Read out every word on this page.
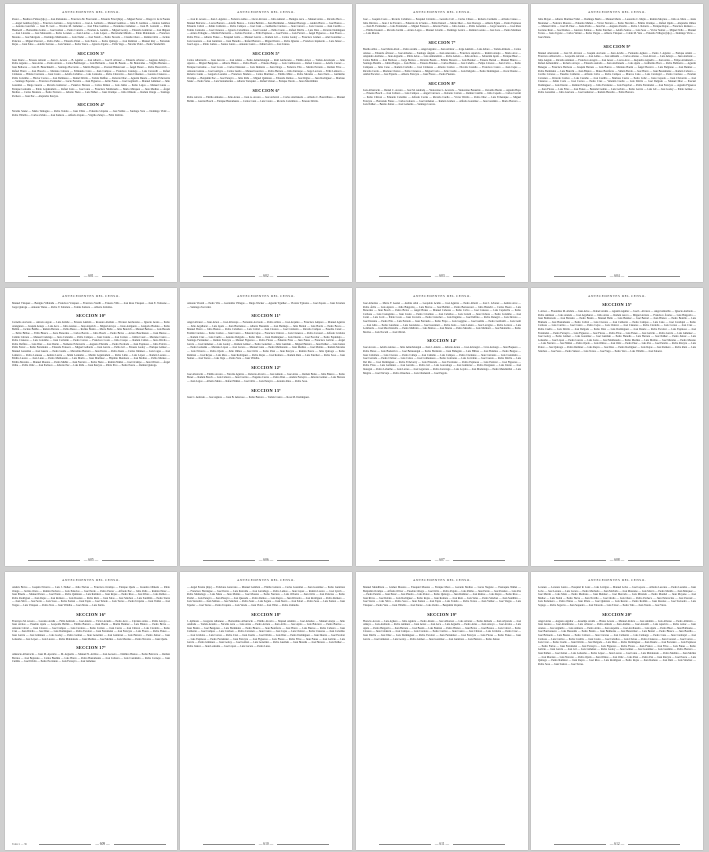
ANTECEDENTES DEL CENSO.
Pastor — Basilisco Fidias (hijo) — José Pamandes — Francisco M. Fiorovanti — Eduardo Fried (hijo) — Miguel Ferrer — Diego O. de la Fuente — Angel Gamboa (hijo) — Francisco Galiana — Jorge Gálvez — José A. Gallardo — Manuel Gamboa — Julio E. Gamboa — Isidoro Gamboa — Antonio Garófalo — Juan B. Gari — Nicolás M. Giménez — José Elías Gamboa — Estanislao Giménez — Juan H. Gottardi — Pablo Haskwell — Bernardino Galán — José Gómez — Pedro Carretto — Esteban A. Gentile — Miguel Godoy — Eduardo Gutiérrez — José Iñiguez — José Llorente — José Matossián — Pedro Lorenzo — Juan Lucino — Luis López — Bartolomé Mirada — Pablo Maldonado — Francisco Moreno — José Morgado — Domingo Maldonado — Luis Nader — José Natali — Pedro Noceda — Claudio Otero — Ramón Ortiz — Jacinto Palacios — Miguel Pascual — Pedro Peña — Eduardo Pérez — Luis Ponce — Pedro Quiroga — José Ramírez — Manuel Rey — Fernando Rojas — Juan Salas — Adolfo Serrano — Luis Suárez — Pedro Tanco — Ignacio Ugarte — Félix Vega — Nicolás Vidal — Pedro Vanderbilt.
SECCION 3ª
Juan Iriarte — Ernesto Abranti — Juan C. Acosta — B. Aguilar — José Alberti — José P. Alvarez — Eduardo Alvarez — Augusto Amaya — Pedro Argento — Juan Arias — Pedro Arrieta — Carlos Bamberger — Luis Balbarde — Juan M. Basalo — M. Benavides — Virgilio Bioleau — Juan Bellacao — Luis B. Bianchinelli — Santiago Boccardo — Martín Bergalo — Pascual Bittencourt — Ángel Bonet — Pedro Boscovich — Rafael Bravo — José Brescia — Mariano Cabrera — Edmundo Cairo — Juan Campos — Francisco Canalejo — Luis Caravelli — Rafael Cárdenas — Hilario Carranza — Juan Castro — Adolfo Ceballos — Luis Cernadas — Pedro Chavarría — Juan Cifuentes — Lorenzo Cisneros — Pablo Colombo — Héctor Correa — José Dalmasso — Daniel Dávila — Tomás Delfino — Roberto Díaz — Agustín Duarte — Pedro Echeverría — Santiago Espósito — Francisco Fernández — Lucio Ferreira — Juan Figueroa — Atilio Funes — José Gagliardi — Manuel Giménez — Julio González — Diego Guerra — Ricardo Gutiérrez — Federico Herrera — Carlos Ibáñez — Luis Jaime — Pedro Lagos — Manuel Lanza — Enrique Ledesma — Pablo Leguizamón — Rafael Lista — José Luna — Francisco Maldonado — Mario Márquez — Juan Medina — Ángel Molina — Carlos Montero — Pedro Navarro — Alberto Nieto — Luis Núñez — Juan Ocampo — Julio Olmedo — Ramón Ortega — Santiago Pacheco — Juan Paz — Alejandro Pereyra.
SECCION 4ª
Nicolás Sáenz — Mario Tamagno — Pedro Toledo — Juan Ullúa — Eduardo Urquiza — José Valdés — Santiago Vera — Domingo Vidal — Pedro Villalba — Carlos Zabala — José Zamora — Alfredo Zapata — Virgilio Zelaya — Félix Zubiría.
— 601 —
ANTECEDENTES DEL CENSO.
— José R. Acosta — Juan J. Aguirre — Federico Aldao — Oscar Alvarez — Julio Amaral — Benigno Arce — Manuel Arias — Ricardo Baca — Manuel Balcarce — Lucas Barrera — Adolfo Barros — Carlos Beltrán — Juan Bermúdez — Manuel Borrego — Andrés Bravo — José Bustos — Eduardo Cabral — Julián Calderón — Pedro Campos — José Cané — Guillermo Cardoso — Juan Carrera — Luis Casares — Juan Castillo — Tomás Cernadas — José Cisneros — Ignacio Colombres — José Coronel — Pablo Cueto — Rafael Dávila — Luis Díaz — Ricardo Domínguez — Arturo Echagüe — Martín Echeverría — Jacinto Escobar — Félix Espinosa — José Farías — Luis Ferrari — Ángel Figueroa — José Flores — Pedro Frías — Alberto Funes — Ezequiel Gallo — Manuel García — Ramón Gil — Carlos Godoy — Francisco Gómez — Abel González — Luis Guerrero — José Gutiérrez — Juan Heredia — Rafael Herrera — Miguel Ibarra — Pedro Iglesias — Francisco Izquierdo — Luis Juárez — José Lagos — Pablo Lamas — Santos Lanza — Antonio Lastra — Julián Leiva — José Llanos.
SECCION 5ª
Carlos Albarracín — Juan Alcorta — José Alsina — Pedro Amuchástegui — Raúl Anchorena — Emilio Aráoz — Tomás Arredondo — Julio Ayerza — Miguel Bengolea — Alberto Blanco — Pedro Bosch — Ernesto Bunge — Luis Cambaceres — Rafael Casares — Adolfo Castex — Enrique Cernadas — José Costa — Carlos Daireaux — Luis Demaría — Juan Drago — Federico Elía — Martín Estrada — Ramón Frías — Antonio Gainza — José Garrigós — Carlos Guido — Manuel Guerrico — Pedro Herrera — Julio Iturraspe — Jorge Lacroze — Félix Lamarca — Roberto Lanús — Gregorio Lezama — Francisco Madero — Carlos Martínez — Emilio Mitre — Pedro Morales — Juan Naón — Guillermo Ocampo — Benjamín Paz — José Pereyra — Julio Peña — Miguel Quintana — Eduardo Ramos — José Riglos — Juan Rodríguez — Mariano Sáenz — Pedro Salas — Luis Santamarina — Alberto Tornquist — Rafael Unzué — Enrique Varela — Juan Zuberbühler.
SECCION 6ª
Pedro Alcorta — Emilio Amadeo — Julio Arana — Juan A. Acosta — José Achaval — Carlos Avellaneda — Alfredo C. Basavilbaso — Manuel Bellán — Gastón Bosch — Enrique Bustamante — Carlos Cané — Luis Castro — Ricardo Colombres — Ernesto Dávila.
— 602 —
ANTECEDENTES DEL CENSO.
José — Joaquín Costa — Ricardo Caballero — Ezequiel Córdoba — Gerardo Coll — Carlos Chiesa — Roberto Cermeño — Alfredo Cuneo — Julio Dávalos — Juan J. de Ezcurra — Eduardo de la Serna — Pablo Denevi — Mario Diez — José Dorrego — Alberto Eguía — Pedro Espinosa — Juan B. Fernández — Luis Fernández — Miguel Fonseca — Alberto Freire — Julio Gadea — Pablo González — Jorge Guerrico — José Imaz — Emilio Insausti — Ricardo Jordán — Arturo Lagos — Manuel Lavalle — Domingo Lezica — Ramón Lozano — José Luro — Pedro Martínez — Luis Morón.
SECCION 7ª
Basilio Abba — José María Abad — Pedro Acuña — Angel Aguirre — Juan Alcázar — Jorge Alemán — Luis Alfaro — Tomás Almada — Carlos Alonso — Eduardo Álvarez — José Amadeo — Santiago Ángulo — Juan Anzorena — Francisco Aparicio — Ramón Araujo — Mario Arce — Alejandro Arellano — Juan Arguello — Pablo Arias — Luis Armendáriz — Pedro Arrieta — Julio Avalos — Sebastián Ayala — Enrique Báez — Carlos Balbín — José Barbosa — Jorge Barrios — Ricardo Bazán — Emilio Becerra — Luis Benítez — Ernesto Bernal — Manuel Blanco — Santiago Bonilla — Julián Borges — Luis Bravo — Ernesto Briones — Carlos Bustos — José Cabello — Felipe Cáceres — Juan Calvo — Pedro Campana — Julio Cano — Ramón Carballo — José Cárdenas — Alberto Carrizo — Nicolás Castaño — Francisco Castro — Juan Cejas — Ricardo Cerda — Mariano Chaves — Pablo Cisneros — Miguel Coria — Julio Cuello — Luis Delgado — Pedro Domínguez — Oscar Duarte — Aníbal Escobar — José Fajardo — Alberto Ferreyra — Juan Flores — Pedro Fuentes.
SECCION 8ª
Luis Albarracín — Daniel C. Acosta — José M. Andrada — Wenceslao L. Acevedo — Wenceslao Basualdo — Oswaldo Bazán — Agustín Bayo — Ernesto Bosch — José Cabrera — Luis Campos — Ángel Carrasco — Roberto Carrizo — Ramón Castillo — Julio Cepeda — Carlos Cerruti — Pedro Chávez — Eduardo Colombo — Alfredo Cortés — Ricardo Cuello — Víctor Dávila — Pedro Díaz — Luis Echenique — Miguel Ferreyra — Hernando Funes — Carlos Galarza — José Giménez — Ramón Gómez — Alfredo González — Juan Guzmán — Mario Herrera — Luis Ibáñez — Benito Juárez — José Ledesma — Santiago Lucero.
— 603 —
ANTECEDENTES DEL CENSO.
Julio Mayer — Alberto Martínez Vidal — Domingo Merlo — Manuel Merlo — Leonardo C. Mejía — Ramón Moyano — Julio A. Mora — Jesús Montaner — Federico Moreno — Eduardo Muñoz — Víctor Navarro — Pedro Nicolini — Emilio Ocampo — Rafael Ojeda — Alejandro Olmos — Manuel Ortiz — José M. Páez — Jesús Pardo — Juan Paz — Augusto Peralta — Pedro J. Roberts — Enrique Rojas — Francisco Romero — Luciano Ruiz — José Ramos — Gustavo Salinas — Pedro Sánchez — Adolfo Santos — Luis Sosa — Víctor Suárez — Miguel Tello — Manuel Torres — Justo Ugarte — Carlos Valdez — Pedro Vargas — Alberto Vázquez — Cabín M. Vera — Eduardo Villagra (hijo) — Domingo Vivas — José Zárate.
SECCION 9ª
Manuel Aberastain — José M. Álvarez — Joaquín Acevedo — Juan Acuña — Fernando Agüero — Pedro J. Aguirre — Enrique Alaniz — Francisco Albarracín — Leopoldo Alcaraz — José Aldao — José Almeida — Carlos Alonso — José Alvear — Luis Amaya — Juan Andrade — Julio Angulo — Ricardo Antúnez — Francisco Aragón — José Araoz — Lucas Arce — Alejandro Arguello — Juan Arias — Felipe Arismendi — Rafael Armendáriz — Roberto Arroyo — Eduardo Astrada — Juan Avellaneda — Luis Ayala — Guillermo Baca — Pedro Balbastro — Agustín Banegas — Francisco Barboza — Joaquín Barreto — Luis Barros — Mariano Bazán — Ángel Becerra — Luis Belgrano — José Benítez — Pedro Bermúdez — Luis Bianchi — Juan Blanco — Mateo Bonifacio — Simón Borda — José Bravo — Juan Bustamante — Ramón Cabrera — Cecilio Cáceres — Eusebio Calderón — Alfredo Calvo — Pedro Campos — Marcos Cano — Luis Carabajal — Pedro Cardozo — Esteban Carranza — Ricardo Carrizo — Luis Castaño — José Castillo — Mariano Castro — Pedro Celiz — Justo Cepeda — Juan Chavarría — José Cisneros — Julián Coria — José Correa — Pedro Cruz — Valentín Cuello — Luis Dávila — José Delgado — Manuel Díaz — Pascual Domínguez — Luis Duarte — Ramón Echegaray — Julio Escalante — Luis Esquivel — Pablo Fernández — José Ferreyra — Agustín Figueroa — Juan Flores — Luis Frías — José Funes — Bernabé Gaitán — Luis Galván — Pedro García — Luis Gil — José Godoy — Pablo Gómez — Pedro González — Julio Guevara — José Gutiérrez — Ramón Heredia — Pablo Herrera.
— 604 —
ANTECEDENTES DEL CENSO.
Manuel Vázquez — Benigno Villafañe — Francisco Vázquez — Francisco Vasilli — Ernesto Villa — José Rosa Vásquez — Juan E. Vattuone — Jorge Quiroga — Antonio Weiss — Pedro V. Zabaleta — Tomás Zamora — Alberto Zeballos.
SECCION 10ª
Cornelio Acevedo — Aniceto Agote — Luis Aldabe — Ernesto Alemán — Rosauro Alemán — Nicanor Anchorena — Ignacio Arana — Pedro Aranguren — Joaquín Araujo — Luis Arce — Julio Arenas — Juan Argerich — Miguel Arroyo — Justo Astigueta — Gregorio Badano — Pedro Balbín — Jacinto Baliña — Ramón Barrera — Pablo Basso — Rufino Bazán — Mario Bello — Julio Bencich — Manuel Berisso — Luis Besada — Pablo Bilbao — Félix Blanco — Justo Bonorino — Carlos Borrás — Julio Bosch — Pedro Bravo — Arturo Buschiazzo — Juan Bustos — Camilo Cabrera — Manuel Cadelago — Justo Calandra — Pablo Campos — Juan Canale — José Carrizo — Julián Casal — Mariano Castro — Pedro Cisneros — Luis Colombo — Juan Corbalán — Pedro Correa — Francisco Costa — Julio Crespo — Ramón Cullen — Justo Dávila — Pedro Delfino — Luis Díaz — José Durán — Nemesio Echeverría — Augusto Elizalde — Pedro Escalada — Juan Espinosa — Julio Falcón — Pablo Ferrer — Pedro Fernández — Eduardo Fonseca — Miguel Gallardo — Juan García — Pablo Gil — Ernesto Godoy — Enrique Gómez — Manuel González — José Guerra — Pedro Guido — Marcelino Herrera — Juan Ibarra — Pedro Insúa — Carlos Jiménez — Luis Lagos — José Lamarca — Pedro Lanusse — Andrés Lastra — Julián Ledesma — Martín Leguizamón — Pedro Lima — Luis López — Ramón Lozano — Emilio Lucero — Juan Luna — Pedro Maldonado — Luis Marín — Juan Martínez — Hipólito Mendoza — José Molina — Pablo Montes — Emilio Morales — Manuel Moreno — Pedro Muñiz — Juan Navarro — Pedro Nieto — Ramón Núñez — José Ocampo — Juan Olivera — Ángel Oribe — Pablo Ortiz — José Pacheco — Alberto Paz — Luis Peña — Juan Pereyra — Pablo Pico — Pedro Ponce — Ramón Quiroga.
— 605 —
ANTECEDENTES DEL CENSO.
Antonio Vicenti — Pedro Vila — Gerónimo Villegas — Diego Wacker — Agustín Yguiñez — Vicente Yglesias — José Zapata — Juan Zavaleta — Santiago Zaccarini.
SECCION 11ª
Ángel Alvarez — Juan Aráoz — José Albarapa — Fernando Acevedo — Pedro Alfaro — José Arquino — Francisco Amparo — Manuel Aguirre — Julio Argañaraz — Luis Ayala — Juan Barrientos — Alberto Basualdo — José Bermejo — Julio Bernal — Luis Borda — Pedro Bosco — Manuel Bravo — Julio Bustos — Pedro Caballero — Luis Cabral — Juan Cáceres — José Calderón — Ricardo Campos — Eusebio Canal — Fermín Cardozo — Pedro Carrizo — Juan Castro — Eduardo Cejas — Francisco Chávez — Luis Cisneros — Pedro Coronel — Alfredo Córdoba — Ramón Cruz — Luis Cuello — Antonio Delgado — Pedro Díaz — Juan Domínguez — Luis Duarte — José Escobar — Pedro Espíndola — Santiago Fernández — Ramón Ferreyra — Manuel Figueroa — Pedro Flores — Eduardo Frías — Juan Funes — Francisco Galván — Ángel García — José Giménez — Luis Godoy — Ramón Gómez — Pedro González — Julio Guzmán — Miguel Herrera — Juan Ibáñez — Luis Juárez — Pedro Ledesma — Mariano López — José Lucero — Manuel Luna — Pedro Maldonado — Juan Medina — José Molina — Ramón Morales — Luis Navarro — Pedro Ojeda — Julio Olmos — José Ortiz — Pedro Páez — Juan Pereyra — Ramón Ponce — Julio Quiroga — Pedro Ramírez — José Reyes — Luis Ríos — Juan Rodríguez — Pedro Rojas — José Romero — Ramón Ruiz — Luis Sánchez — Pedro Sosa — Juan Suárez — José Torres — Luis Vega — Pedro Vera — Juan Villalba.
SECCION 12ª
José Abarracín — Emilio Acosta — Nicolás Aguirre — Roberto Alcorta — José Amado — José Arias — Ramón Balsa — Julio Bianco — Pedro Bonet — Ramón Bosch — Luis Cabrera — Juan Carrizo — Eugenio Castro — Pedro Díaz — Andrés Ferreyra — Alberto Gómez — Luis Herrera — Juan Lagos — Alberto Mena — Rafael Núñez — José Ortiz — Luis Pereyra — Antonio Ríos — Pedro Sosa.
SECCION 13ª
Juan C. Andrade — José Agüero — Juan B. Amoroso — Pedro Barrera — Tomás Castro — Rosa M. Domínguez.
— 606 —
ANTECEDENTES DEL CENSO.
José Amorino — Mario F. Asensi — Andrés Abal — Leopoldo Acuña — José Aguirre — Pedro Alberti — José J. Álvarez — Andrés Arce — Pedro Ávila — Luis Ayerza — Julio Baigorria — Luis Barcos — José Bellini — Pedro Bernasconi — Julio Bianchi — Carlos Boero — Luis Bonorino — Juan Bosch — Pedro Bravo — Ángel Bruno — Manuel Cabezas — Pedro Calvo — José Canessa — Luis Capdevila — Pedro Carbone — Luis Castagnino — Juan Castro — Pedro Cavallero — José Ceballos — Luis Cerutti — Juan Cichero — Pedro Colombo — José Conti — Luis Corti — Pablo Costa — Juan Crovetto — Pedro Curuchet — Luis Dagnino — José Delfino — Pedro Denegri — Luis Devoto — José Durante — Pedro Elía — Luis Estrada — Juan Ferrando — Pedro Firpo — Luis Gaggino — José Gamba — Pedro Garibaldi — Luis Gatti — José Ghio — Pedro Giordano — Luis Grondona — José Guarnieri — Pedro Isola — Luis Lanata — José Lavagna — Pedro Lertora — Luis Lombardo — José Macchiavello — Pedro Malbrán — Luis Mattos — José Mazza — Pedro Merello — Luis Molinari — José Montaldo — Pedro Morixe — Luis Nocetti — José Olivari.
SECCION 14ª
José Acosta — Adolfo Alonso — Julio Amuchástegui — Juan J. Antelo — Alberto Arana — José Aristegui — Cruz Arzuaga — Juan Baquero — Pedro Bares — Luis Bazterrica — José Belaustegui — Pedro Beristain — Juan Bidegain — Luis Bilbao — José Bolaños — Pedro Burgos — Juan Caballero — Luis Cáceres — Pedro Calleja — José Camaño — Luis Campos — Pedro Cárdenas — Juan Carranza — Luis Castañeda — José Cerrudo — Pedro Chávez — Luis Cobos — José Colmenares — Pedro Contreras — Luis Corvalán — José Cuesta — Pedro Dávila — Luis Del Río — José Domínguez — Pedro Echeverry — Luis Elizondo — José Escalante — Pedro Espinosa — Luis Estévez — José Figueroa — Pedro Frías — Luis Galíndez — José Garrido — Pedro Gil — Luis Gorostiaga — José Gutiérrez — Pedro Ibarguren — Luis Iriarte — José Jáuregui — Pedro Labarthe — Luis Larrea — José Legarreta — Pedro Lizarraga — Luis Loyola — José Madariaga — Pedro Mendizábal — Luis Mugica — José Narvaja — Pedro Olaechea — Luis Otamendi — José Pagola.
— 607 —
ANTECEDENTES DEL CENSO.
SECCION 15ª
J. Aráoz — Florentino M. Abdala — Juan Arias — Rafael Acuña — Agustín Aguilar — José L. Álvarez — Ángel Amarillo — Ignacio Andrada — Pedro Antúnez — Luis Aranda — José Argañaraz — Julio Arias — Ramón Aroca — Miguel Arrieta — Francisco Ávalos — Luis Baigorria — Juan Balmaceda — José Barreiro — Pedro Bazán — Manuel Bello — Luis Benítez — José Bernal — Juan Blanco — Pedro Bonilla — Luis Brizuela — José Bustamante — Pedro Cabral — Luis Cáceres — José Calderón — Pedro Campos — Luis Cano — José Carabajal — Pedro Cardozo — Luis Carrizo — José Castro — Pedro Cejas — Luis Chávez — José Cisneros — Pedro Córdoba — Luis Correa — José Cruz — Pedro Cuello — Luis Dávila — José Delgado — Pedro Díaz — Luis Domínguez — José Duarte — Pedro Escobar — Luis Espinosa — José Fernández — Pedro Ferreyra — Luis Figueroa — José Flores — Pedro Frías — Luis Funes — José Galván — Pedro García — Luis Giménez — José Godoy — Pedro Gómez — Luis González — José Guzmán — Pedro Heredia — Luis Herrera — José Ibáñez — Pedro Juárez — Luis Ledesma — José López — Pedro Lucero — Luis Luna — José Maldonado — Pedro Medina — Luis Molina — José Morales — Pedro Moreno — Luis Navarro — José Núñez — Pedro Ojeda — Luis Olmos — José Ortiz — Pedro Páez — Luis Paz — José Peralta — Pedro Pereyra — Luis Ponce — José Quiroga — Pedro Ramírez — Luis Reyes — José Ríos — Pedro Rodríguez — Luis Rojas — José Romero — Pedro Ruiz — Luis Sánchez — José Sosa — Pedro Suárez — Luis Torres — José Vega — Pedro Vera — Luis Villalba — José Zalazar.
— 608 —
ANTECEDENTES DEL CENSO.
Andrés Bravo — Joaquín Navarro — Luis J. Nuñez — Julio Nievas — Francisco Ocampo — Enrique Ojeda — Lisandro Olmedo — Pablo Ortega — Jacinto Otero — Ramón Pacheco — Luis Palacios — José Pardo — Pedro Pastor — Alfredo Paz — Julio Peña — Ramón Pérez — Juan Pineda — Manuel Ponce — José Prado — Pedro Quintana — Luis Ramírez — Juan Reyes — Pedro Ríos — José Rivas — Luis Robles — Pedro Rodríguez — Juan Rojas — José Romero — Luis Rosales — Pedro Ruiz — Juan Salas — José Sánchez — Luis Santillán — Pedro Sierra — Juan Silva — José Soria — Luis Sosa — Pedro Suárez — Juan Tapia — José Toledo — Luis Torres — Pedro Urquiza — Juan Valdez — José Vargas — Luis Vázquez — Pedro Vera — Juan Villalba — José Zárate — Luis Zurita.
SECCION 16ª
Francisco M. Acosta — Lorenzo Acuña — Félix Andrada — José Antelo — Víctor Aranda — Pedro Arce — Cipriano Arias — Pablo Arroyo — Juan Ávalos — Eusebio Ayala — Leopoldo Balbín — Emilio Barrera — Juan Bazán — Martín Benítez — Luis Blanco — Pedro Bravo — Antonio Cabral — Juan Cáceres — José Campos — Luis Cardozo — Pedro Carrizo — Juan Castro — José Chávez — Luis Córdoba — Pedro Cruz — Juan Dávila — José Díaz — Luis Domínguez — Pedro Escobar — Juan Fernández — José Ferreyra — Luis Flores — Pedro Funes — Juan García — José Giménez — Luis Godoy — Pedro Gómez — Juan González — José Gutiérrez — Luis Herrera — Pedro Juárez — Juan Ledesma — José López — Luis Lucero — Pedro Maldonado — Juan Medina — José Molina — Luis Morales — Pedro Navarro — Juan Ojeda.
SECCION 17ª
Amancio Albarracín — Juan M. Aparicio — M. Arguello — Manuel N. Arribas — José Ascoeta — Dalmiro Bustos — Pedro Balcarce — Ramón Barrios — José Bejarano — Carlos Biedma — Luis Bravo — Pedro Bustamante — José Cabrera — Luis Castañeda — Pedro Cornejo — Juan Cuitiño — José Dávila — Pedro Escalante — Luis Ferreyra — José Giménez.
— 609 —
Tomo I. — 39
ANTECEDENTES DEL CENSO.
— Ángel Ezeiza (hijo) — Feliciano Garavano — Manuel Gambón — Emilio Galarza — Carlos González — Juan González — Pedro Gutiérrez — Francisco Harriague — José Ibarra — Luis Iturralde — José Larrañaga — Pedro Lemos — Juan López — Ramón Lucero — José Lynch — Pedro Madariaga — Luis Maza — Juan Molina — José Moreno — Pedro Nevares — Luis Oliveira — Juan Ortiz — José Palacios — Pedro Pardal — Luis Pereyra — Juan Pineyro — José Quesada — Pedro Ramos — Luis Reyes — Juan Rivarola — José Rodríguez — Pedro Romero — Luis Saavedra — Juan Salinas — José Sánchez — Pedro Sanz — Luis Segura — Juan Sierra — José Solari — Pedro Sosa — Luis Suárez — Juan Tejedor — José Torres — Pedro Urquiza — Luis Varela — Juan Vidal — José Villar — Pedro Zamudio.
SECCION 18ª
J. Ayñiesta — Gregorio Albanese — Bernardino Albarracín — Emilio Alcorta — Manuel Alemán — José Amadeo — Manuel Anaya — Julio Andrade — Tomás Aranda — Nicolás Arce — Luis Arias — Pedro Arrieta — Juan Ávila — José Ayala — Luis Balcarce — Pedro Barrios — Juan Bazán — José Bengolea — Luis Bermúdez — Pedro Blanco — Juan Bonifacio — José Bravo — Luis Bustos — Pedro Cabrera — Juan Calderón — José Campos — Luis Cardozo — Pedro Carranza — Juan Castro — José Cejas — Luis Chávez — Pedro Cisneros — Juan Colombo — José Córdoba — Luis Correa — Pedro Cruz — Juan Cuello — José Dávila — Luis Díaz — Pedro Domínguez — Juan Duarte — José Escobar — Luis Espinosa — Pedro Fernández — Juan Ferreyra — José Figueroa — Luis Flores — Pedro Frías — Juan Funes — José Galván — Luis García — Pedro Giménez — Juan Godoy — José Gómez — Luis González — Pedro Guzmán — Juan Heredia — José Herrera — Luis Ibáñez — Pedro Juárez — Juan Ledesma — José López — Luis Lucero — Pedro Luna.
— 610 —
ANTECEDENTES DEL CENSO.
Manuel Mendiburu — Gómez Moreno — Ezequiel Moreno — Enrique Mora — Gerardo Molina — Lucas Negrete — Eustaquio Núñez — Benjamín Ocampo — Alfredo Oliver — Eusebio Ortega — José Ortiz — Pedro Pagola — Luis Palma — Juan Pardo — José Paredes — Luis Paz — Pedro Peralta — Juan Pérez — José Pineda — Luis Ponce — Pedro Quiroga — Juan Ramírez — José Ramos — Luis Reyes — Pedro Ríos — Juan Rivas — José Robles — Luis Rodríguez — Pedro Rojas — Juan Romero — José Ruiz — Luis Salas — Pedro Sánchez — Juan Santillán — José Sierra — Luis Silva — Pedro Sosa — Juan Suárez — José Tapia — Luis Toledo — Pedro Torres — Juan Valdez — José Vargas — Luis Vázquez — Pedro Vera — Juan Villalba — José Zárate — Luis Zurita — Benjamín Urquiza.
SECCION 19ª
Horacio Acosta — Luis Agüero — Julio Aguirre — Pedro Alanís — José Albornoz — Luis Alcaraz — Pedro Almada — Juan Alvarado — José Amaya — Luis Andrada — Pedro Antúnez — Juan Aráoz — José Arce — Luis Arguello — Pedro Arias — Juan Arroyo — José Ávalos — Luis Ayala — Pedro Baigorria — Juan Barrera — José Bazán — Luis Benítez — Pedro Blanco — Juan Bravo — José Bustos — Luis Cabral — Pedro Cáceres — Juan Calderón — José Campos — Luis Cardozo — Pedro Carrizo — Juan Castro — José Chávez — Luis Córdoba — Pedro Cruz — Juan Dávila — José Díaz — Luis Domínguez — Pedro Escobar — Juan Fernández — José Ferreyra — Luis Flores — Pedro Funes — Juan García — José Giménez — Luis Godoy — Pedro Gómez — Juan González — José Gutiérrez — Luis Herrera — Pedro Juárez.
— 611 —
ANTECEDENTES DEL CENSO.
Lorenzo — Lorenzo Lanza — Ezequiel R. Lanz — Luis Lavigna — Manuel Leiva — José Lepore — Alfredo Lescano — Pedro Lezama — Juan Lobo — José Lozano — Luis Lucero — Pedro Machado — Juan Malvido — José Manzano — Luis Marcó — Pedro Mariño — Juan Márquez — José Martín — Luis Mata — Pedro Medrano — Juan Méndez — José Mercado — Luis Miranda — Pedro Montiel — Juan Moyano — José Muñoz — Luis Nadal — Pedro Nieva — Juan Novillo — José Oroño — Luis Otero — Pedro Pacheco — Juan Palavecino — José Pascual — Luis Pedernera — Pedro Pintos — Juan Prieto — José Quintero — Luis Rearte — Pedro Roldán — Juan Rosales — José Saavedra — Luis Sayago — Pedro Segovia — Juan Sequeira — José Taborda — Luis Tévez — Pedro Tula — Juan Varela — José Viera.
SECCION 20ª
Ángel Arias — Augusto Aguilar — Anselmo Acuña — Bruno Acosta — Manuel Aldaco — José Alemán — Luis Alfonso — Pedro Almirón — Juan Alonso — José Altamirano — Luis Álvarez — Pedro Amado — Juan Andino — José Ansaldi — Luis Aparicio — Pedro Aráoz — Juan Arenas — José Argüello — Luis Armesto — Pedro Arrúa — Juan Aspeitia — José Avellaneda — Luis Ayala — Pedro Báez — Juan Balbuena — José Barrionuevo — Luis Basualdo — Pedro Bazán — Juan Belmonte — José Benavídez — Luis Bernal — Pedro Blanco — Juan Bonilla — José Brizuela — Luis Bustos — Pedro Cabrera — Juan Cáceres — José Calderón — Luis Camargo — Pedro Cano — Juan Carabajal — José Cardozo — Luis Carrizo — Pedro Castillo — Juan Castro — José Ceballos — Luis Chaves — Pedro Cisneros — Juan Coronel — José Correa — Luis Cruz — Pedro Cuello — Juan Dávila — José Delgado — Luis Díaz — Pedro Domínguez — Juan Duarte — José Escudero — Luis Espinosa — Pedro Farías — Juan Fernández — José Ferreyra — Luis Figueroa — Pedro Flores — Juan Franco — José Frías — Luis Funes — Pedro Galván — Juan García — José Gil — Luis Giménez — Pedro Godoy — Juan Gómez — José González — Luis Guzmán — Pedro Herrera — Juan Ibáñez — José Juárez — Luis Ledesma — Pedro López — Juan Lucero — José Luna — Luis Maldonado — Pedro Medina — Juan Molina — José Morales — Luis Navarro — Pedro Ojeda — Juan Olmos — José Ortiz — Luis Páez — Pedro Paz — Juan Pereyra — José Ponce — Luis Quiroga — Pedro Ramírez — Juan Reyes — José Ríos — Luis Rodríguez — Pedro Rojas — Juan Romero — José Ruiz — Luis Sánchez — Pedro Sosa — Juan Suárez — José Torres.
— 612 —
